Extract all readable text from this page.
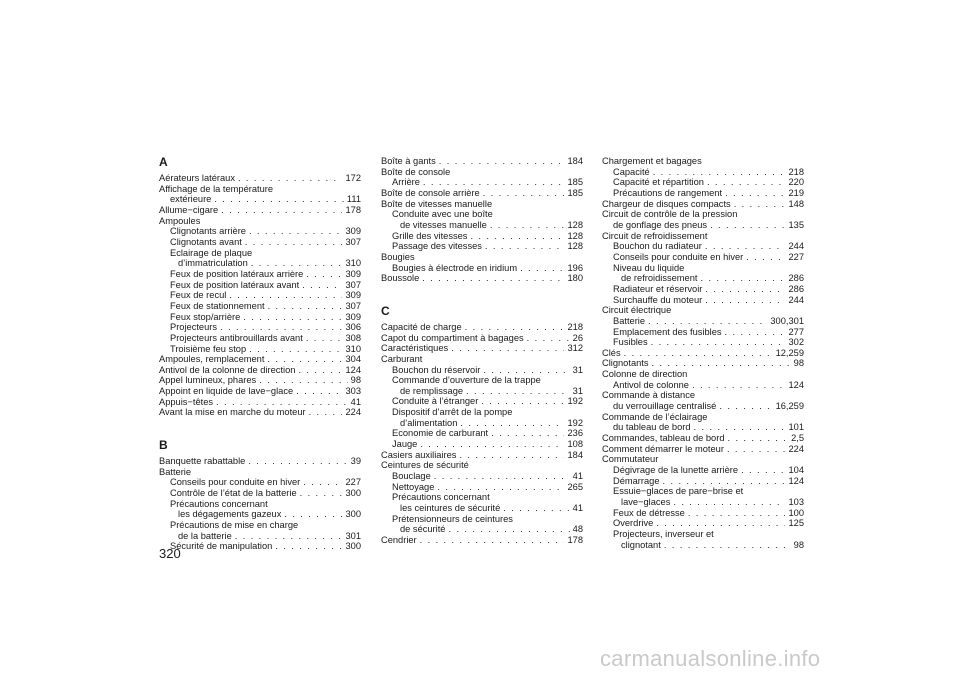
A
Aérateurs latéraux . . .	172
Affichage de la température
extérieure . . .	111
Allume−cigare . . .	178
Ampoules
Clignotants arrière . . .	309
Clignotants avant . . .	307
Eclairage de plaque
d’immatriculation . . .	310
Feux de position latéraux arrière . . .	309
Feux de position latéraux avant . . .	307
Feux de recul . . .	309
Feux de stationnement . . .	307
Feux stop/arrière . . .	309
Projecteurs . . .	306
Projecteurs antibrouillards avant . . .	308
Troisième feu stop . . .	310
Ampoules, remplacement . . .	304
Antivol de la colonne de direction . . .	124
Appel lumineux, phares . . .	98
Appoint en liquide de lave−glace . . .	303
Appuis−têtes . . .	41
Avant la mise en marche du moteur . . .	224
B
Banquette rabattable . . .	39
Batterie
Conseils pour conduite en hiver . . .	227
Contrôle de l’état de la batterie . . .	300
Précautions concernant
les dégagements gazeux . . .	300
Précautions de mise en charge
de la batterie . . .	301
Sécurité de manipulation . . .	300
Boîte à gants . . .	184
Boîte de console
Arrière . . .	185
Boîte de console arrière . . .	185
Boîte de vitesses manuelle
Conduite avec une boîte
de vitesses manuelle . . .	128
Grille des vitesses . . .	128
Passage des vitesses . . .	128
Bougies
Bougies à électrode en iridium . . .	196
Boussole . . .	180
C
Capacité de charge . . .	218
Capot du compartiment à bagages . . .	26
Caractéristiques . . .	312
Carburant
Bouchon du réservoir . . .	31
Commande d’ouverture de la trappe
de remplissage . . .	31
Conduite à l’étranger . . .	192
Dispositif d’arrêt de la pompe
d’alimentation . . .	192
Economie de carburant . . .	236
Jauge . . .	108
Casiers auxiliaires . . .	184
Ceintures de sécurité
Bouclage . . .	41
Nettoyage . . .	265
Précautions concernant
les ceintures de sécurité . . .	41
Prétensionneurs de ceintures
de sécurité . . .	48
Cendrier . . .	178
Chargement et bagages
Capacité . . .	218
Capacité et répartition . . .	220
Précautions de rangement . . .	219
Chargeur de disques compacts . . .	148
Circuit de contrôle de la pression
de gonflage des pneus . . .	135
Circuit de refroidissement
Bouchon du radiateur . . .	244
Conseils pour conduite en hiver . . .	227
Niveau du liquide
de refroidissement . . .	286
Radiateur et réservoir . . .	286
Surchauffe du moteur . . .	244
Circuit électrique
Batterie . . .	300,301
Emplacement des fusibles . . .	277
Fusibles . . .	302
Clés . . .	12,259
Clignotants . . .	98
Colonne de direction
Antivol de colonne . . .	124
Commande à distance
du verrouillage centralisé . . .	16,259
Commande de l’éclairage
du tableau de bord . . .	101
Commandes, tableau de bord . . .	2,5
Comment démarrer le moteur . . .	224
Commutateur
Dégivrage de la lunette arrière . . .	104
Démarrage . . .	124
Essuie−glaces de pare−brise et
lave−glaces . . .	103
Feux de détresse . . .	100
Overdrive . . .	125
Projecteurs, inverseur et
clignotant . . .	98
320
carmanualsonline.info
